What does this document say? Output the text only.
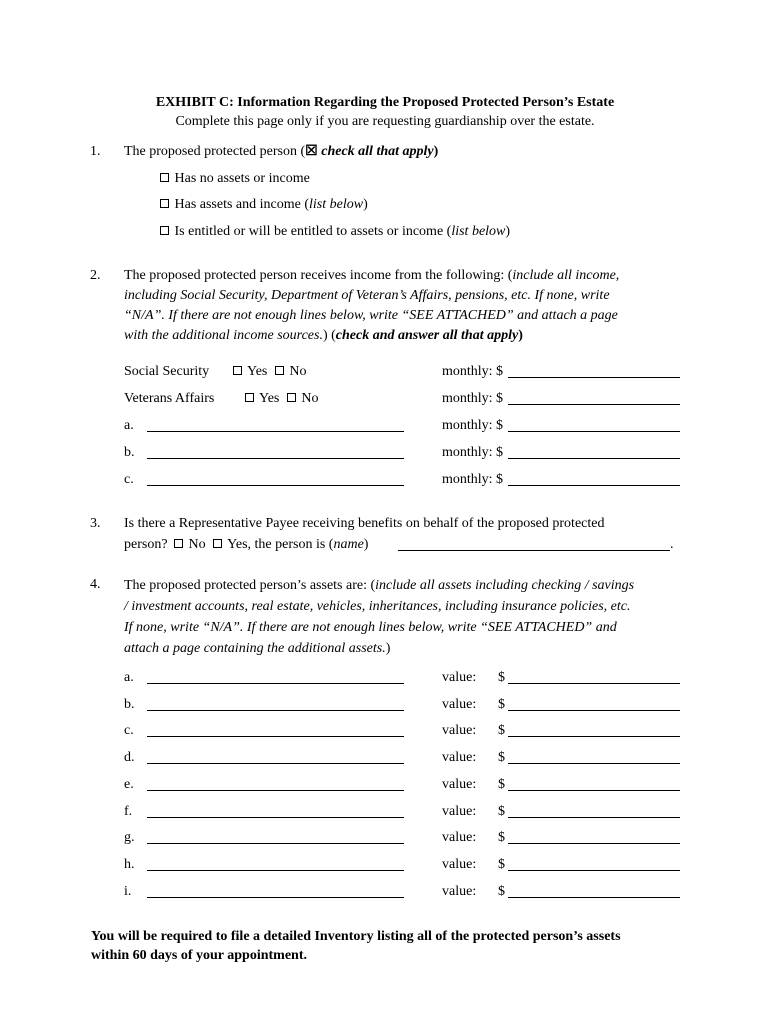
EXHIBIT C: Information Regarding the Proposed Protected Person’s Estate
Complete this page only if you are requesting guardianship over the estate.
1. The proposed protected person (☒ check all that apply)
Has no assets or income
Has assets and income (list below)
Is entitled or will be entitled to assets or income (list below)
2. The proposed protected person receives income from the following: (include all income,
including Social Security, Department of Veteran’s Affairs, pensions, etc. If none, write
“N/A”. If there are not enough lines below, write “SEE ATTACHED” and attach a page
with the additional income sources.) (check and answer all that apply)
Social Security	Yes No	monthly: $
Veterans Affairs	Yes No	monthly: $
a.	monthly: $
b.	monthly: $
c.	monthly: $
3. Is there a Representative Payee receiving benefits on behalf of the proposed protected
person? No Yes, the person is (name)	.
4. The proposed protected person’s assets are: (include all assets including checking / savings
/ investment accounts, real estate, vehicles, inheritances, including insurance policies, etc.
If none, write “N/A”. If there are not enough lines below, write “SEE ATTACHED” and
attach a page containing the additional assets.)
a.	value: $
b.	value: $
c.	value: $
d.	value: $
e.	value: $
f.	value: $
g.	value: $
h.	value: $
i.	value: $
You will be required to file a detailed Inventory listing all of the protected person’s assets
within 60 days of your appointment.
